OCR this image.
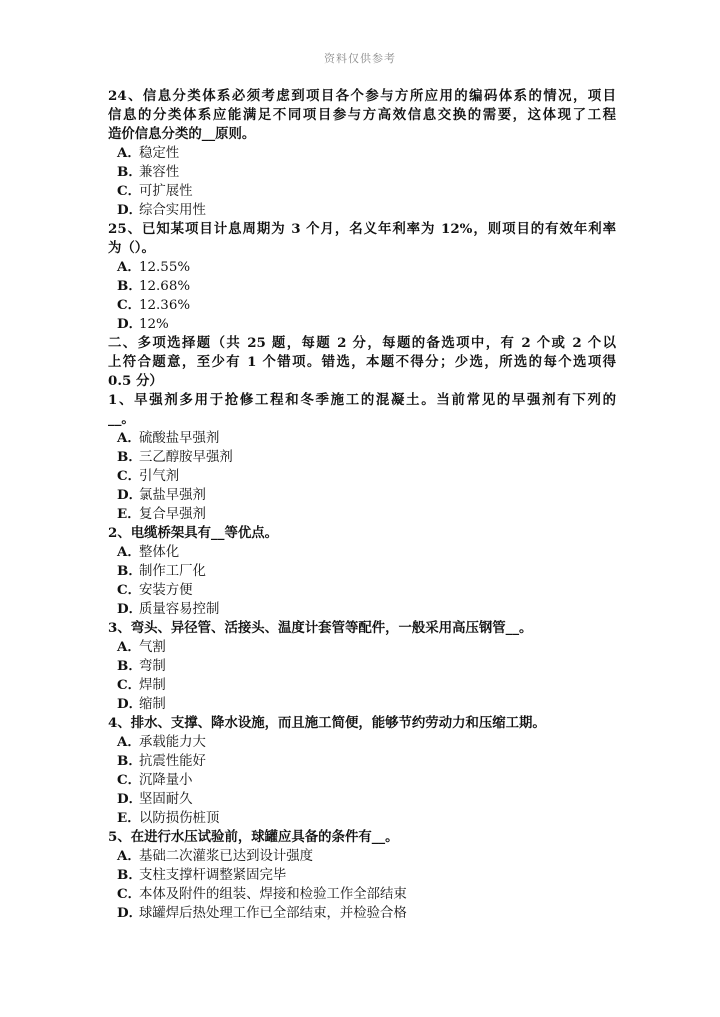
资料仅供参考
24、信息分类体系必须考虑到项目各个参与方所应用的编码体系的情况，项目
信息的分类体系应能满足不同项目参与方高效信息交换的需要，这体现了工程
造价信息分类的__原则。
A．稳定性
B．兼容性
C．可扩展性
D．综合实用性
25、已知某项目计息周期为 3 个月，名义年利率为 12%，则项目的有效年利率
为（）。
A．12.55%
B．12.68%
C．12.36%
D．12%
二、多项选择题（共 25 题，每题 2 分，每题的备选项中，有 2 个或 2 个以
上符合题意，至少有 1 个错项。错选，本题不得分；少选，所选的每个选项得
0.5 分）
1、早强剂多用于抢修工程和冬季施工的混凝土。当前常见的早强剂有下列的
__。
A．硫酸盐早强剂
B．三乙醇胺早强剂
C．引气剂
D．氯盐早强剂
E．复合早强剂
2、电缆桥架具有__等优点。
A．整体化
B．制作工厂化
C．安装方便
D．质量容易控制
3、弯头、异径管、活接头、温度计套管等配件，一般采用高压钢管__。
A．气割
B．弯制
C．焊制
D．缩制
4、排水、支撑、降水设施，而且施工简便，能够节约劳动力和压缩工期。
A．承载能力大
B．抗震性能好
C．沉降量小
D．坚固耐久
E．以防损伤桩顶
5、在进行水压试验前，球罐应具备的条件有__。
A．基础二次灌浆已达到设计强度
B．支柱支撑杆调整紧固完毕
C．本体及附件的组装、焊接和检验工作全部结束
D．球罐焊后热处理工作已全部结束，并检验合格
